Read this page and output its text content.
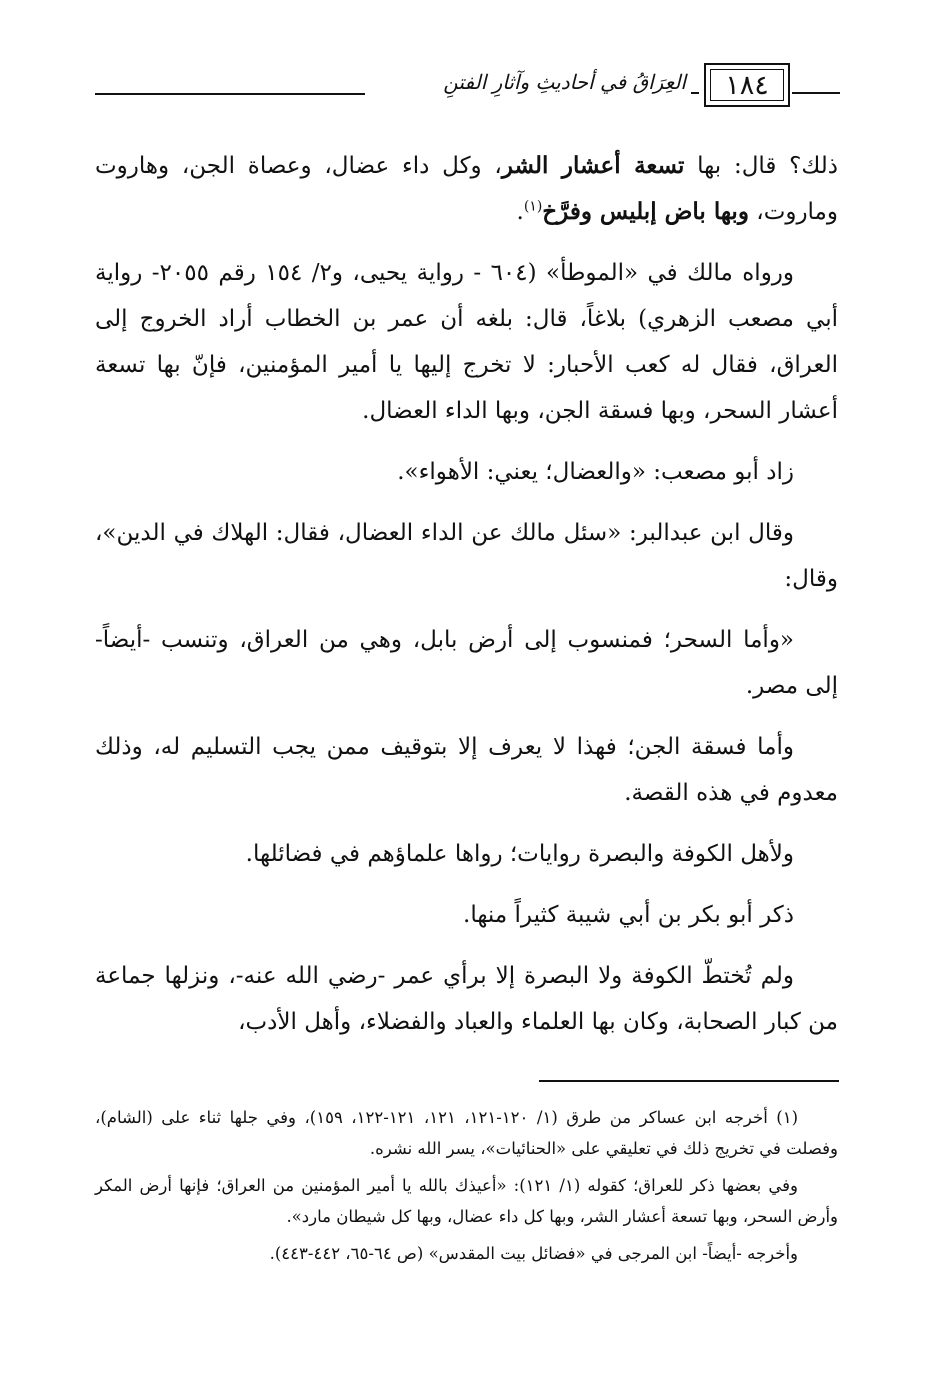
١٨٤
العِرَاقُ في أحاديثِ وآثارِ الفتنِ

ذلك؟ قال: بها تسعة أعشار الشر، وكل داء عضال، وعصاة الجن، وهاروت وماروت، وبها باض إبليس وفرَّخ$^{(١)}$.

ورواه مالك في «الموطأ» (٦٠٤ - رواية يحيى، و٢/ ١٥٤ رقم ٢٠٥٥- رواية أبي مصعب الزهري) بلاغاً، قال: بلغه أن عمر بن الخطاب أراد الخروج إلى العراق، فقال له كعب الأحبار: لا تخرج إليها يا أمير المؤمنين، فإنّ بها تسعة أعشار السحر، وبها فسقة الجن، وبها الداء العضال.

زاد أبو مصعب: «والعضال؛ يعني: الأهواء».

وقال ابن عبدالبر: «سئل مالك عن الداء العضال، فقال: الهلاك في الدين»، وقال:

«وأما السحر؛ فمنسوب إلى أرض بابل، وهي من العراق، وتنسب -أيضاً- إلى مصر.

وأما فسقة الجن؛ فهذا لا يعرف إلا بتوقيف ممن يجب التسليم له، وذلك معدوم في هذه القصة.

ولأهل الكوفة والبصرة روايات؛ رواها علماؤهم في فضائلها.

ذكر أبو بكر بن أبي شيبة كثيراً منها.

ولم تُختطّ الكوفة ولا البصرة إلا برأي عمر -رضي الله عنه-، ونزلها جماعة من كبار الصحابة، وكان بها العلماء والعباد والفضلاء، وأهل الأدب،

(١) أخرجه ابن عساكر من طرق (١/ ١٢٠-١٢١، ١٢١، ١٢١-١٢٢، ١٥٩)، وفي جلها ثناء على (الشام)، وفصلت في تخريج ذلك في تعليقي على «الحنائيات»، يسر الله نشره.

وفي بعضها ذكر للعراق؛ كقوله (١/ ١٢١): «أعيذك بالله يا أمير المؤمنين من العراق؛ فإنها أرض المكر وأرض السحر، وبها تسعة أعشار الشر، وبها كل داء عضال، وبها كل شيطان مارد».

وأخرجه -أيضاً- ابن المرجى في «فضائل بيت المقدس» (ص ٦٤-٦٥، ٤٤٢-٤٤٣).
